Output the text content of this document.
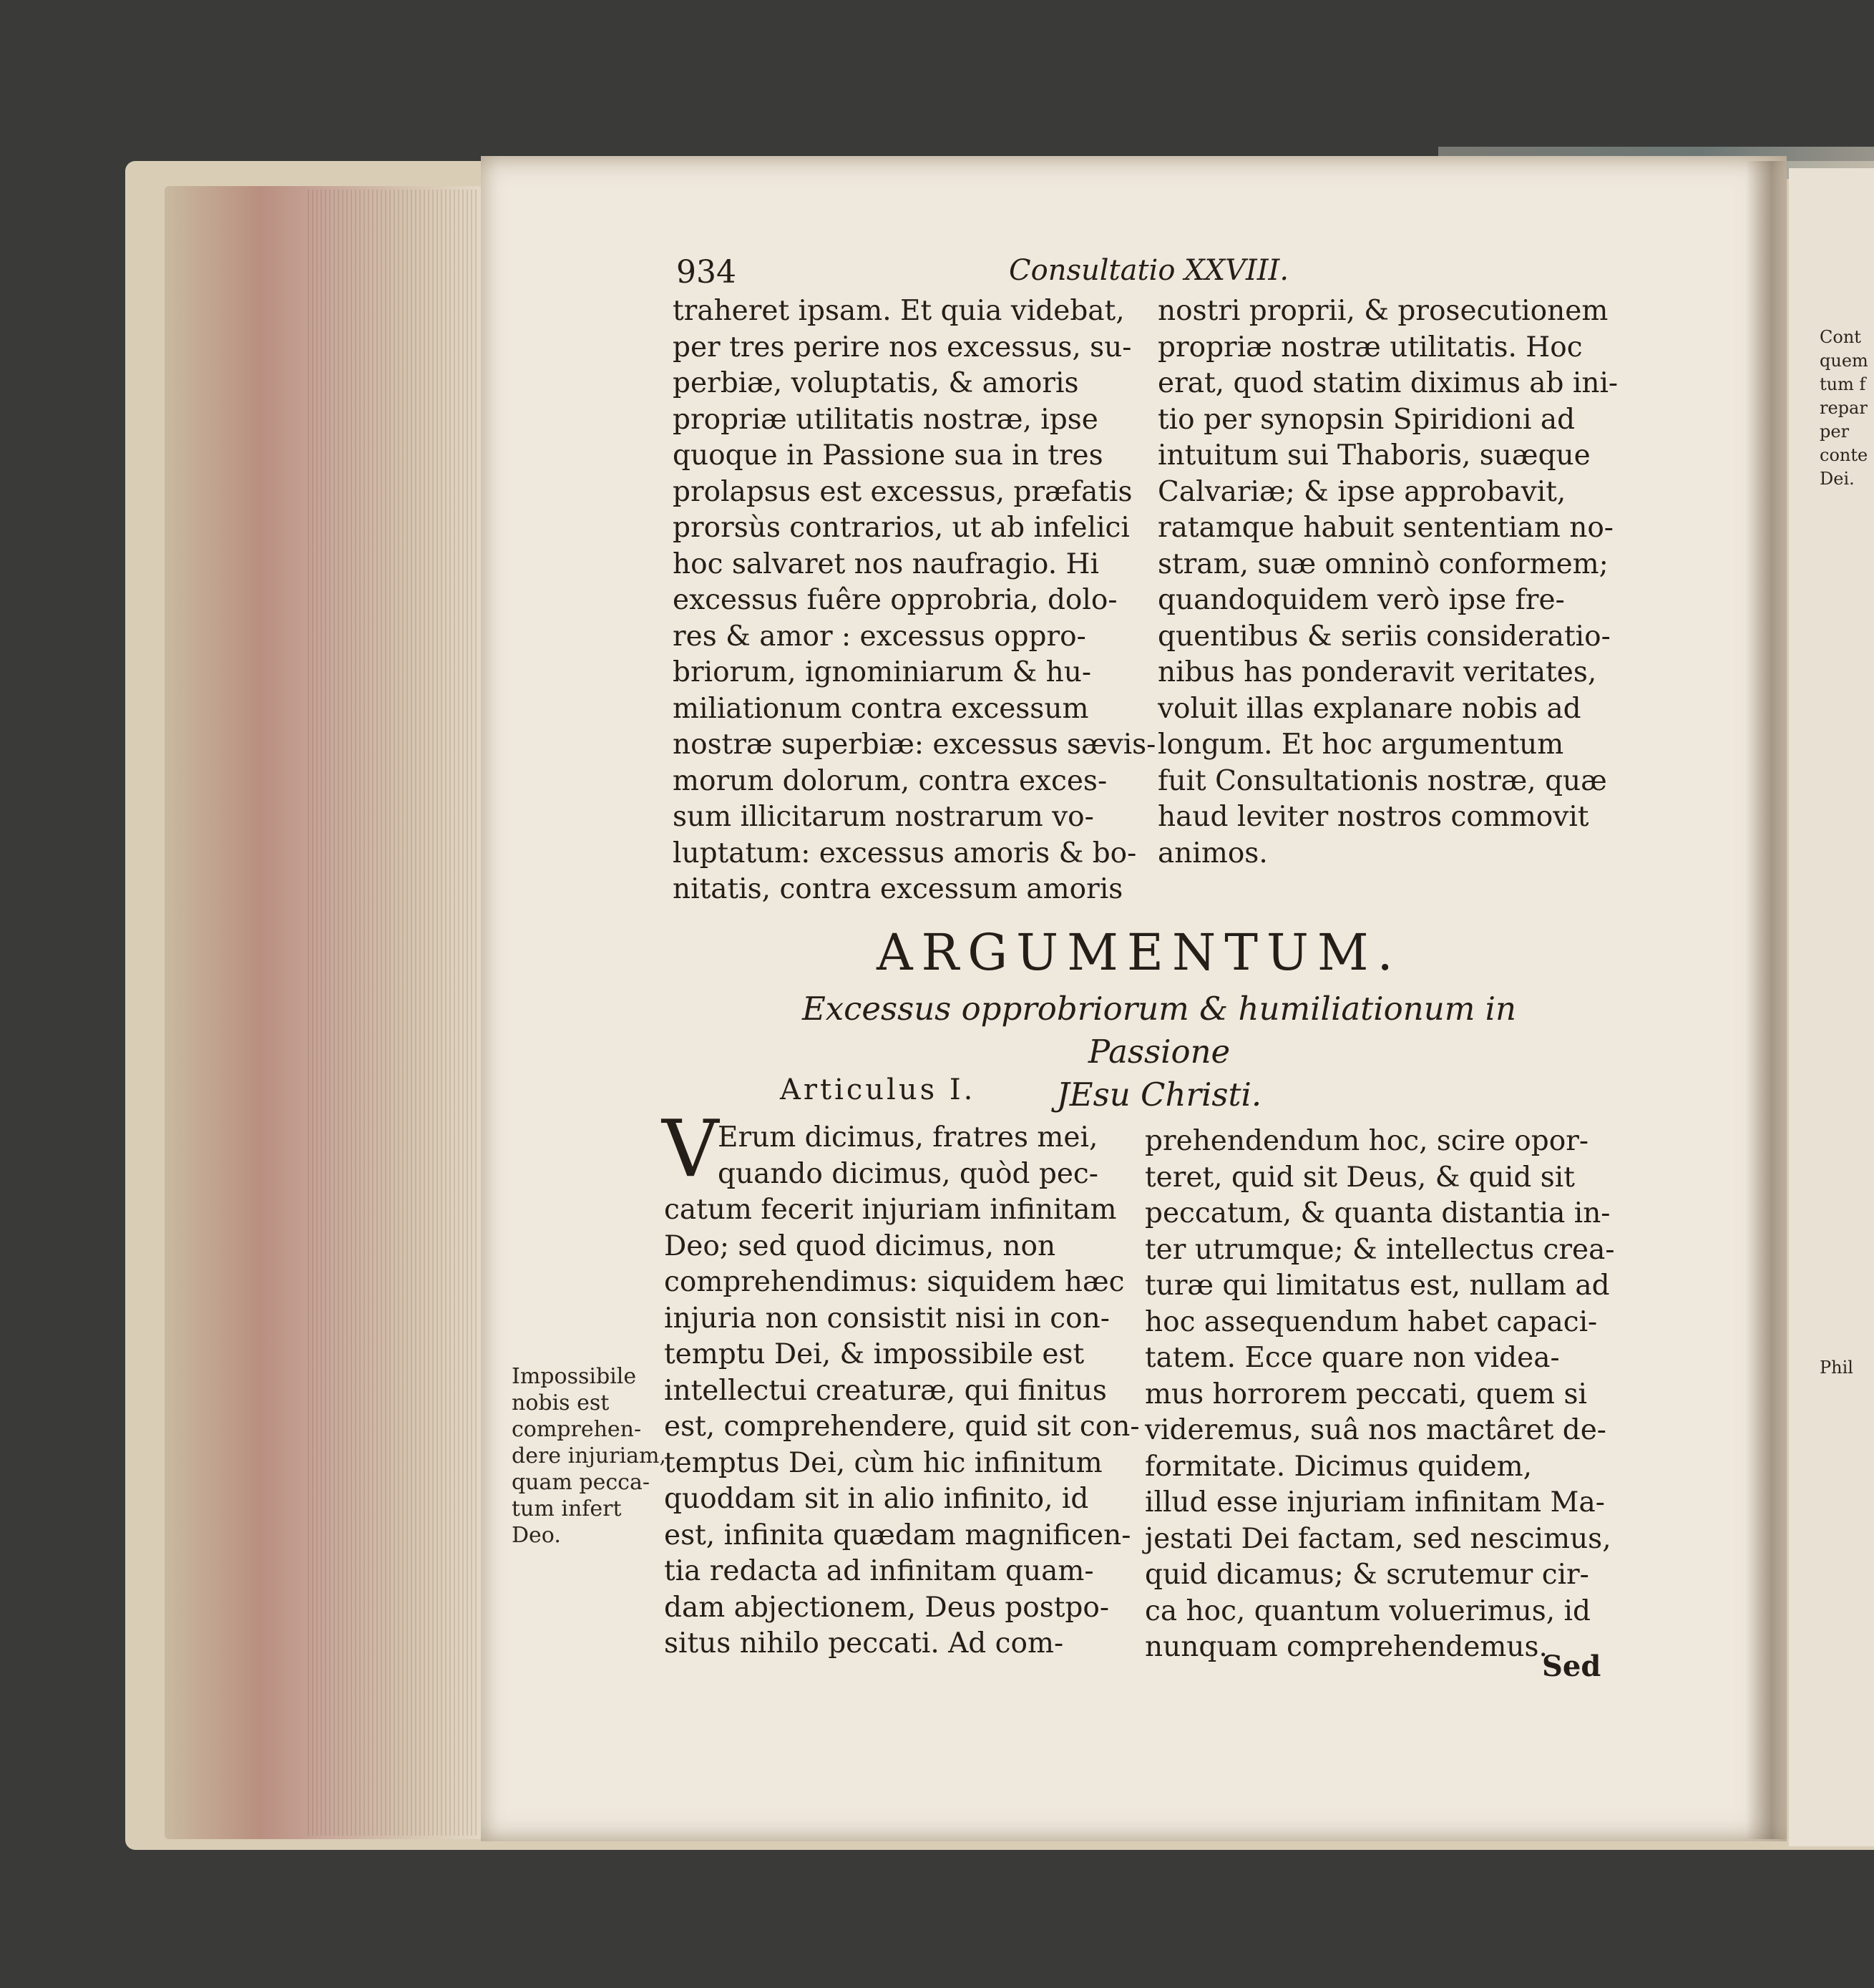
934	Consultatio XXVIII.
traheret ipsam. Et quia videbat,
per tres perire nos excessus, su-
perbiæ, voluptatis, & amoris
propriæ utilitatis nostræ, ipse
quoque in Passione sua in tres
prolapsus est excessus, præfatis
prorsùs contrarios, ut ab infelici
hoc salvaret nos naufragio. Hi
excessus fuêre opprobria, dolo-
res & amor : excessus oppro-
briorum, ignominiarum & hu-
miliationum contra excessum
nostræ superbiæ: excessus sævis-
morum dolorum, contra exces-
sum illicitarum nostrarum vo-
luptatum: excessus amoris & bo-
nitatis, contra excessum amoris
nostri proprii, & prosecutionem
propriæ nostræ utilitatis. Hoc
erat, quod statim diximus ab ini-
tio per synopsin Spiridioni ad
intuitum sui Thaboris, suæque
Calvariæ; & ipse approbavit,
ratamque habuit sententiam no-
stram, suæ omninò conformem;
quandoquidem verò ipse fre-
quentibus & seriis consideratio-
nibus has ponderavit veritates,
voluit illas explanare nobis ad
longum. Et hoc argumentum
fuit Consultationis nostræ, quæ
haud leviter nostros commovit
animos.
ARGUMENTUM.
Excessus opprobriorum & humiliationum in Passione
JEsu Christi.
Articulus I.
V
Erum dicimus, fratres mei,
quando dicimus, quòd pec-
catum fecerit injuriam infinitam
Deo; sed quod dicimus, non
comprehendimus: siquidem hæc
injuria non consistit nisi in con-
temptu Dei, & impossibile est
intellectui creaturæ, qui finitus
est, comprehendere, quid sit con-
temptus Dei, cùm hic infinitum
quoddam sit in alio infinito, id
est, infinita quædam magnificen-
tia redacta ad infinitam quam-
dam abjectionem, Deus postpo-
situs nihilo peccati. Ad com-
prehendendum hoc, scire opor-
teret, quid sit Deus, & quid sit
peccatum, & quanta distantia in-
ter utrumque; & intellectus crea-
turæ qui limitatus est, nullam ad
hoc assequendum habet capaci-
tatem. Ecce quare non videa-
mus horrorem peccati, quem si
videremus, suâ nos mactâret de-
formitate. Dicimus quidem,
illud esse injuriam infinitam Ma-
jestati Dei factam, sed nescimus,
quid dicamus; & scrutemur cir-
ca hoc, quantum voluerimus, id
nunquam comprehendemus.
Impossibile
nobis est
comprehen-
dere injuriam,
quam pecca-
tum infert
Deo.
Sed
Cont
quem
tum f
repar
per
conte
Dei.
Phil
